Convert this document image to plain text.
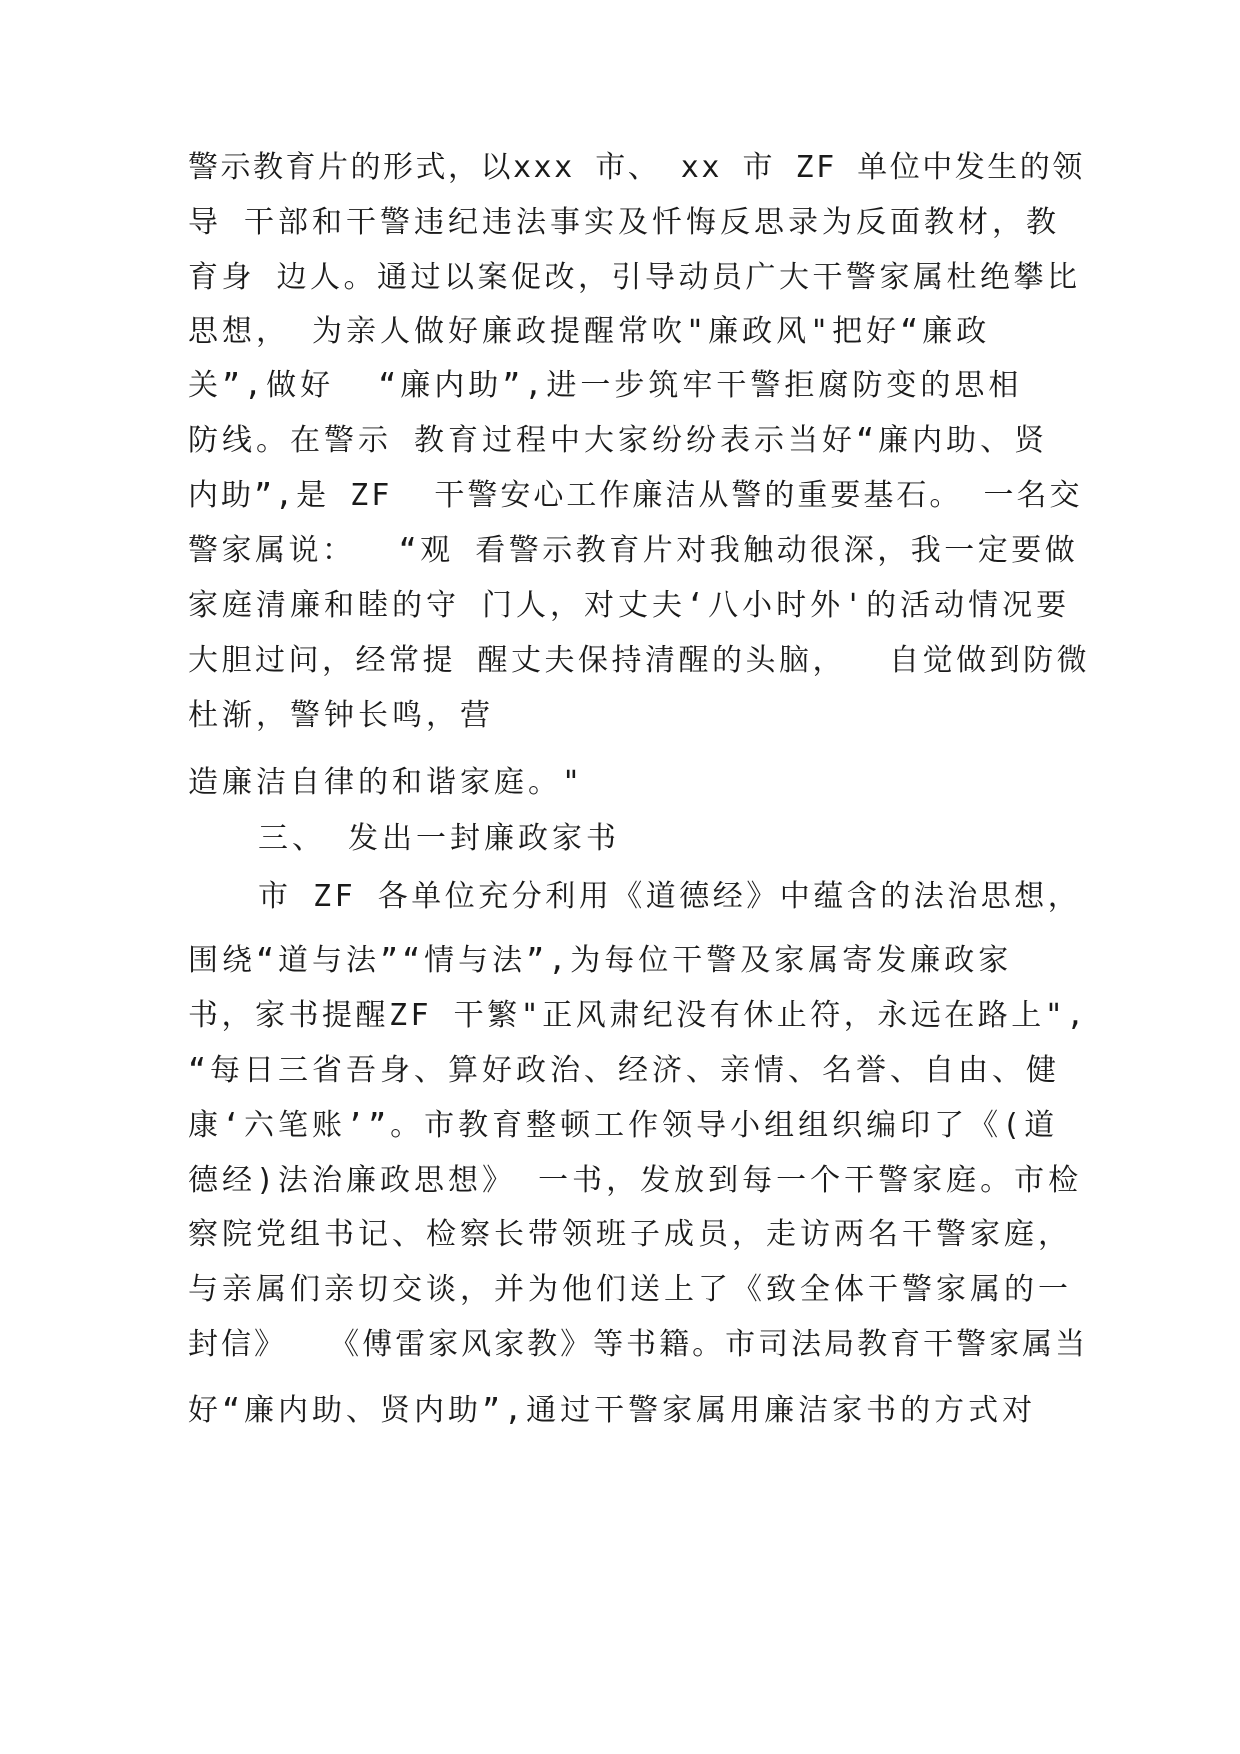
警示教育片的形式，以xxx 市、 xx 市 ZF 单位中发生的领
导 干部和干警违纪违法事实及忏悔反思录为反面教材，教
育身 边人。通过以案促改，引导动员广大干警家属杜绝攀比
思想， 为亲人做好廉政提醒常吹"廉政风"把好“廉政
关”,做好  “廉内助”,进一步筑牢干警拒腐防变的思相
防线。在警示 教育过程中大家纷纷表示当好“廉内助、贤
内助”,是 ZF  干警安心工作廉洁从警的重要基石。 一名交
警家属说：  “观 看警示教育片对我触动很深，我一定要做
家庭清廉和睦的守 门人，对丈夫‘八小时外'的活动情况要
大胆过问，经常提 醒丈夫保持清醒的头脑，  自觉做到防微
杜渐，警钟长鸣，营
造廉洁自律的和谐家庭。"
三、 发出一封廉政家书
市 ZF 各单位充分利用《道德经》中蕴含的法治思想，
围绕“道与法”“情与法”,为每位干警及家属寄发廉政家
书，家书提醒ZF 干繁"正风肃纪没有休止符，永远在路上",
“每日三省吾身、算好政治、经济、亲情、名誉、自由、健
康‘六笔账’”。市教育整顿工作领导小组组织编印了《(道
德经)法治廉政思想》 一书，发放到每一个干警家庭。市检
察院党组书记、检察长带领班子成员，走访两名干警家庭，
与亲属们亲切交谈，并为他们送上了《致全体干警家属的一
封信》  《傅雷家风家教》等书籍。市司法局教育干警家属当
好“廉内助、贤内助”,通过干警家属用廉洁家书的方式对
